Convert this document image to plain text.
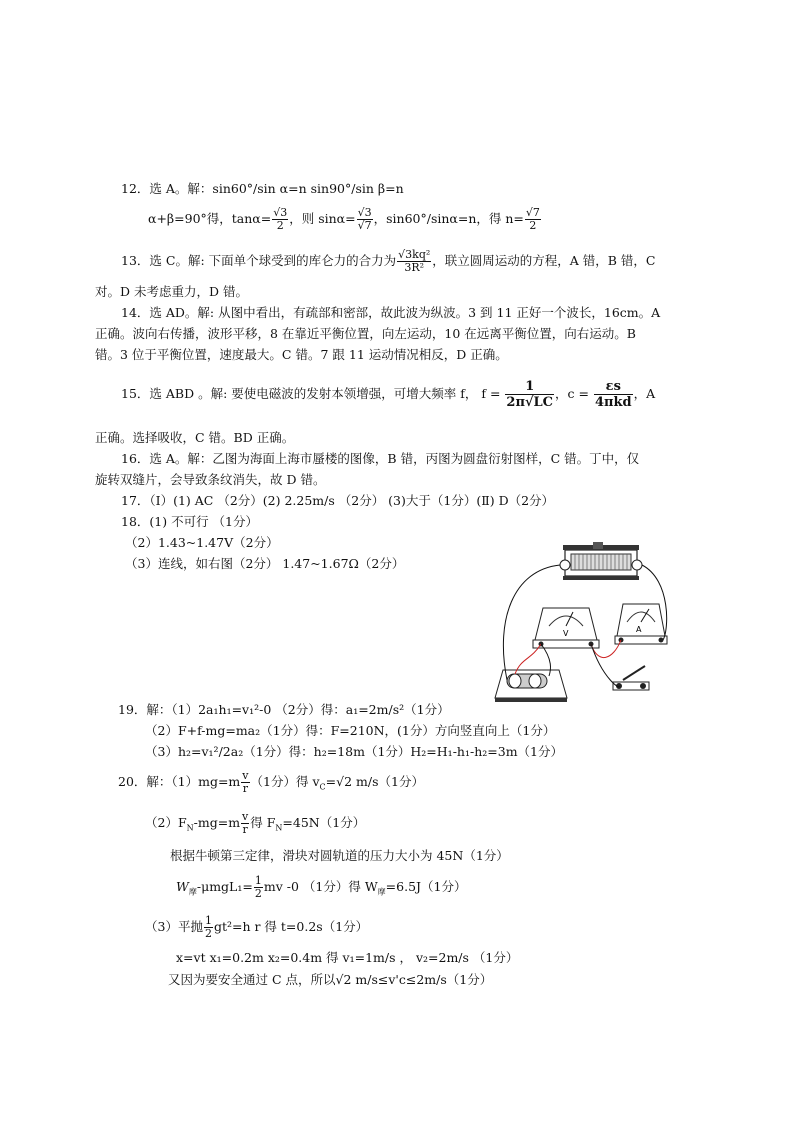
12．选 A。解：sin60°/sin α=n sin90°/sin β=n
α+β=90°得，$\tan\alpha= \frac{√3}{2}$ ，则 $\sin\alpha= \frac{√3}{√7}$ ，sin60°/sinα=n，得 $n= \frac{√7}{2}$
13．选 C。解: 下面单个球受到的库仑力的合力为 $\frac{\text{√3kq²}}{\text{3R²}}$ ，联立圆周运动的方程，A 错，B 错，C
对。D 未考虑重力，D 错。
14．选 AD。解: 从图中看出，有疏部和密部，故此波为纵波。3 到 11 正好一个波长，16cm。A
正确。波向右传播，波形平移，8 在靠近平衡位置，向左运动，10 在远离平衡位置，向右运动。B
错。3 位于平衡位置，速度最大。C 错。7 跟 11 运动情况相反，D 正确。
15．选 ABD 。解: 要使电磁波的发射本领增强，可增大频率 f， $f = \frac{1}{2\pi√LC}$ ，$c = \frac{\varepsilon s}{\text{4πkd}}$ ，A
正确。选择吸收，C 错。BD 正确。
16．选 A。解：乙图为海面上海市蜃楼的图像，B 错，丙图为圆盘衍射图样，C 错。丁中，仅
旋转双缝片，会导致条纹消失，故 D 错。
17．（Ⅰ）(1) AC （2分）(2) 2.25m/s （2分） (3)大于（1分）(Ⅱ) D（2分）
18．(1) 不可行 （1分）
（2）1.43~1.47V（2分）
（3）连线，如右图（2分） 1.47~1.67Ω（2分）
V	A
19．解：（1）2a₁h₁=v₁²-0 （2分）得：a₁=2m/s²（1分）
（2）F+f-mg=ma₂（1分）得：F=210N，(1分）方向竖直向上（1分）
（3）h₂=v₁²/2a₂（1分）得：h₂=18m（1分）H₂=H₁-h₁-h₂=3m（1分）
20．解：$(1)mg=m \frac{v}{r} (1$分）得 $v_C=√2$ m/s（1分）
$(2)F_N-mg=m \frac{v}{r}$ 得 $F_N=45N(1$分）
根据牛顿第三定律，滑块对圆轨道的压力大小为 45N（1分）
$W_摩-\mu mgL_1= \frac{1}{2}$ mv -0 （1分）得 $W_摩=6.5J(1$分）
（3）平抛 $\frac{1}{2} gt^2=h$ r 得 t=0.2s（1分）
x=vt x₁=0.2m x₂=0.4m 得 v₁=1m/s ， v₂=2m/s （1分）
又因为要安全通过 C 点，所以√2 m/s≤v'c≤2m/s（1分）
